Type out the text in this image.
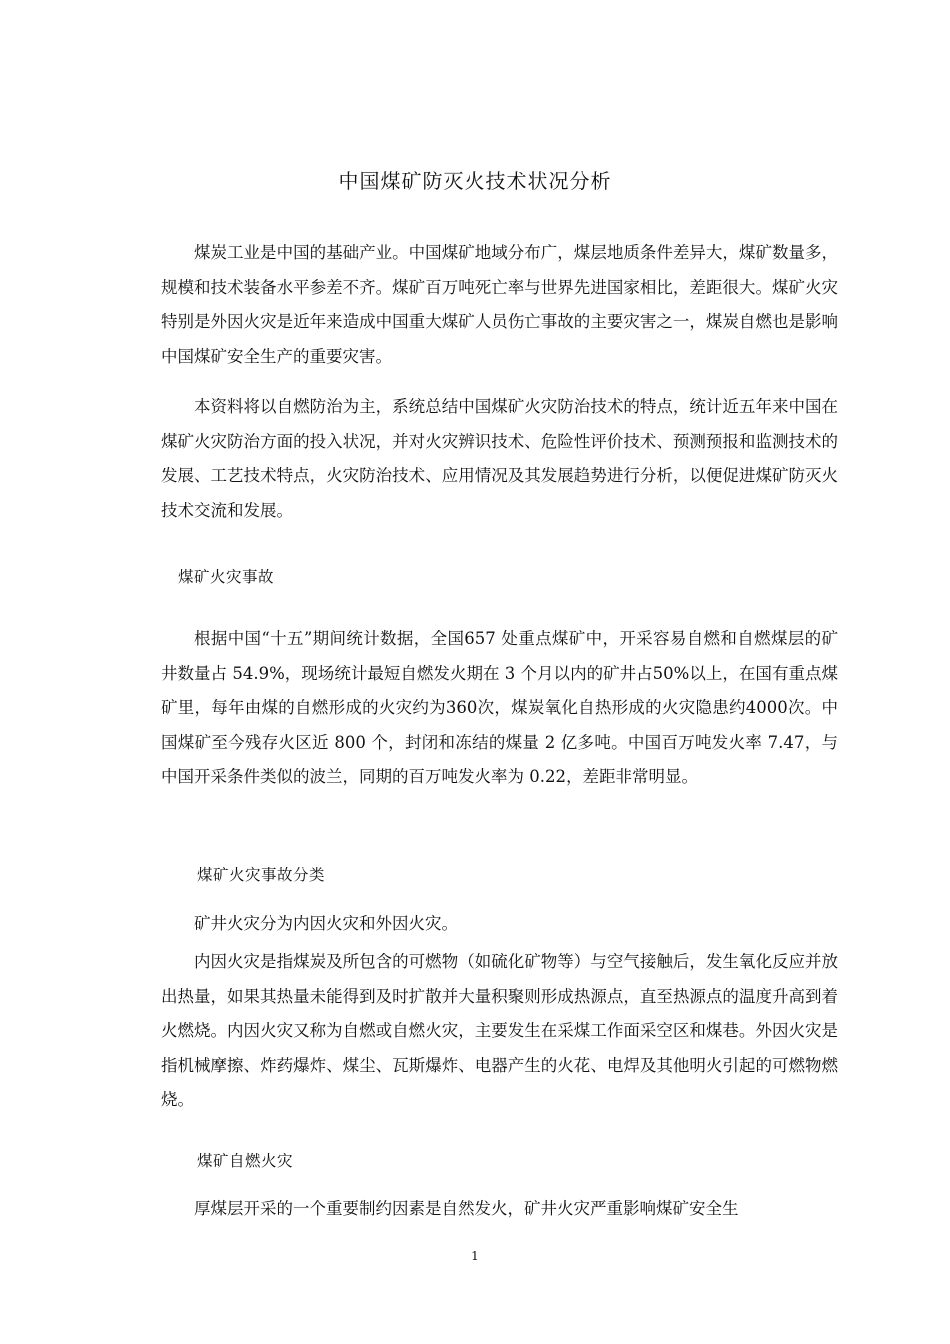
中国煤矿防灭火技术状况分析

煤炭工业是中国的基础产业。中国煤矿地域分布广，煤层地质条件差异大，煤矿数量多，规模和技术装备水平参差不齐。煤矿百万吨死亡率与世界先进国家相比，差距很大。煤矿火灾特别是外因火灾是近年来造成中国重大煤矿人员伤亡事故的主要灾害之一，煤炭自燃也是影响中国煤矿安全生产的重要灾害。

本资料将以自燃防治为主，系统总结中国煤矿火灾防治技术的特点，统计近五年来中国在煤矿火灾防治方面的投入状况，并对火灾辨识技术、危险性评价技术、预测预报和监测技术的发展、工艺技术特点，火灾防治技术、应用情况及其发展趋势进行分析，以便促进煤矿防灭火技术交流和发展。

煤矿火灾事故

根据中国“十五”期间统计数据，全国657 处重点煤矿中，开采容易自燃和自燃煤层的矿井数量占 54.9%，现场统计最短自燃发火期在 3 个月以内的矿井占50%以上，在国有重点煤矿里，每年由煤的自燃形成的火灾约为360次，煤炭氧化自热形成的火灾隐患约4000次。中国煤矿至今残存火区近 800 个，封闭和冻结的煤量 2 亿多吨。中国百万吨发火率 7.47，与中国开采条件类似的波兰，同期的百万吨发火率为 0.22，差距非常明显。

煤矿火灾事故分类

矿井火灾分为内因火灾和外因火灾。

内因火灾是指煤炭及所包含的可燃物（如硫化矿物等）与空气接触后，发生氧化反应并放出热量，如果其热量未能得到及时扩散并大量积聚则形成热源点，直至热源点的温度升高到着火燃烧。内因火灾又称为自燃或自燃火灾，主要发生在采煤工作面采空区和煤巷。外因火灾是指机械摩擦、炸药爆炸、煤尘、瓦斯爆炸、电器产生的火花、电焊及其他明火引起的可燃物燃烧。

煤矿自燃火灾

厚煤层开采的一个重要制约因素是自然发火，矿井火灾严重影响煤矿安全生

1
